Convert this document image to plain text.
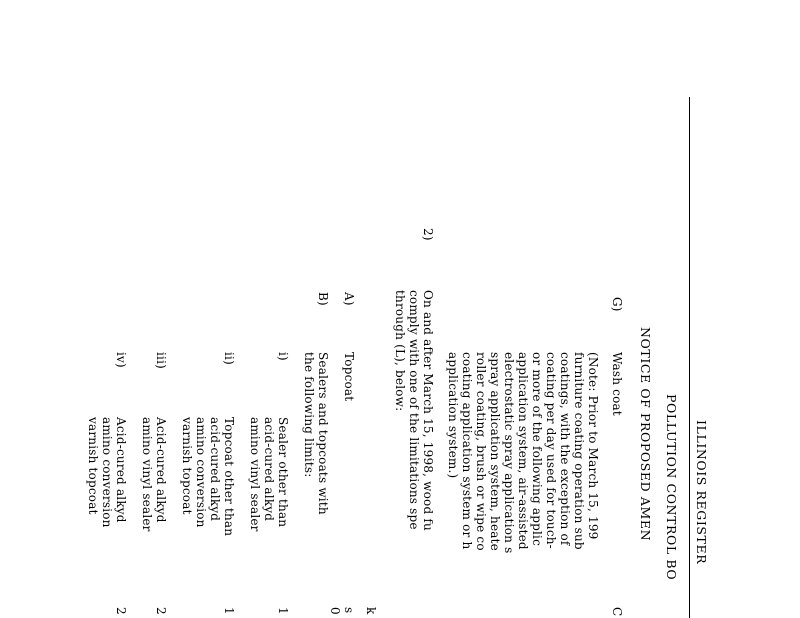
ILLINOIS REGISTER
POLLUTION CONTROL BO
NOTICE OF PROPOSED AMEN
G)
Wash coat
C
(Note: Prior to March 15, 199
furniture coating operation sub
coatings, with the exception of
coating per day used for touch-
or more of the following applic
application system, air-assisted
electrostatic spray application s
spray application system, heate
roller coating, brush or wipe co
coating application system or h
application system.)
2)
On and after March 15, 1998, wood fu
comply with one of the limitations spe
through (L), below:
A)
Topcoat
k
s
0
B)
Sealers and topcoats with
the following limits:
i)
Sealer other than
acid-cured alkyd
amino vinyl sealer
1
ii)
Topcoat other than
acid-cured alkyd
amino conversion
varnish topcoat
1
iii)
Acid-cured alkyd
amino vinyl sealer
2
iv)
Acid-cured alkyd
amino conversion
varnish topcoat
2
